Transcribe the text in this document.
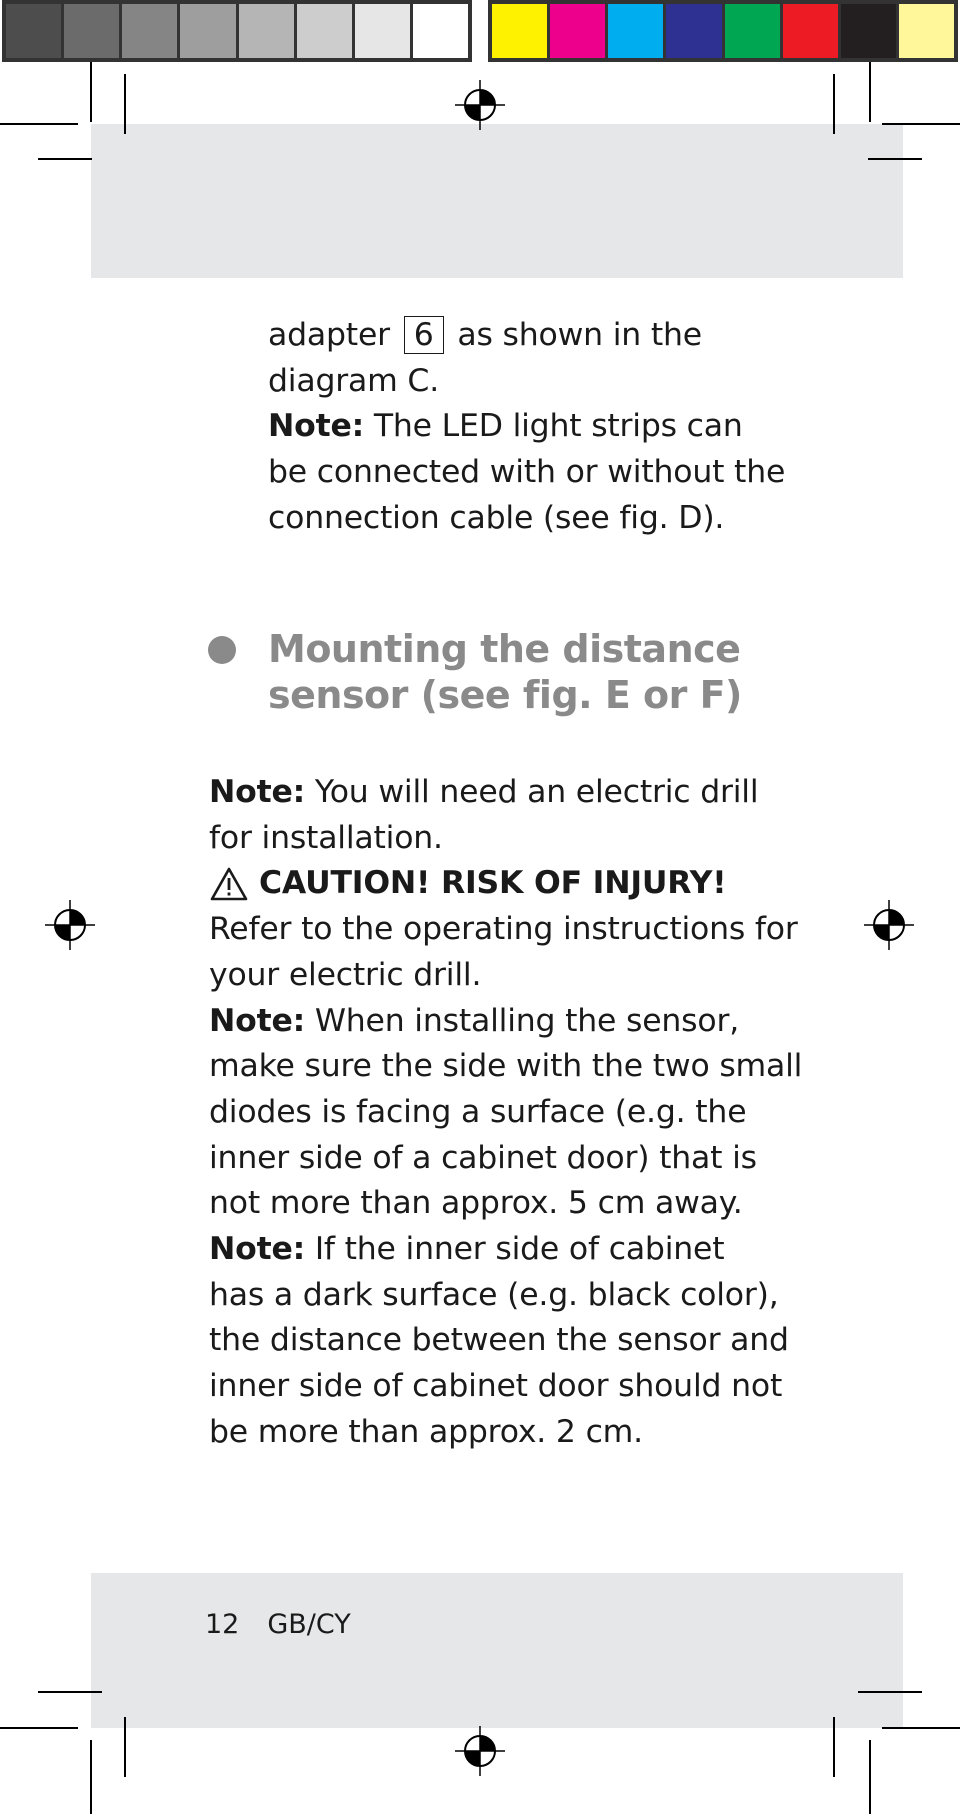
adapter 6 as shown in the
diagram C.
Note: The LED light strips can
be connected with or without the
connection cable (see fig. D).
Mounting the distance
sensor (see fig. E or F)
Note: You will need an electric drill
for installation.
CAUTION! RISK OF INJURY!
Refer to the operating instructions for
your electric drill.
Note: When installing the sensor,
make sure the side with the two small
diodes is facing a surface (e.g. the
inner side of a cabinet door) that is
not more than approx. 5 cm away.
Note: If the inner side of cabinet
has a dark surface (e.g. black color),
the distance between the sensor and
inner side of cabinet door should not
be more than approx. 2 cm.
12 GB/CY
